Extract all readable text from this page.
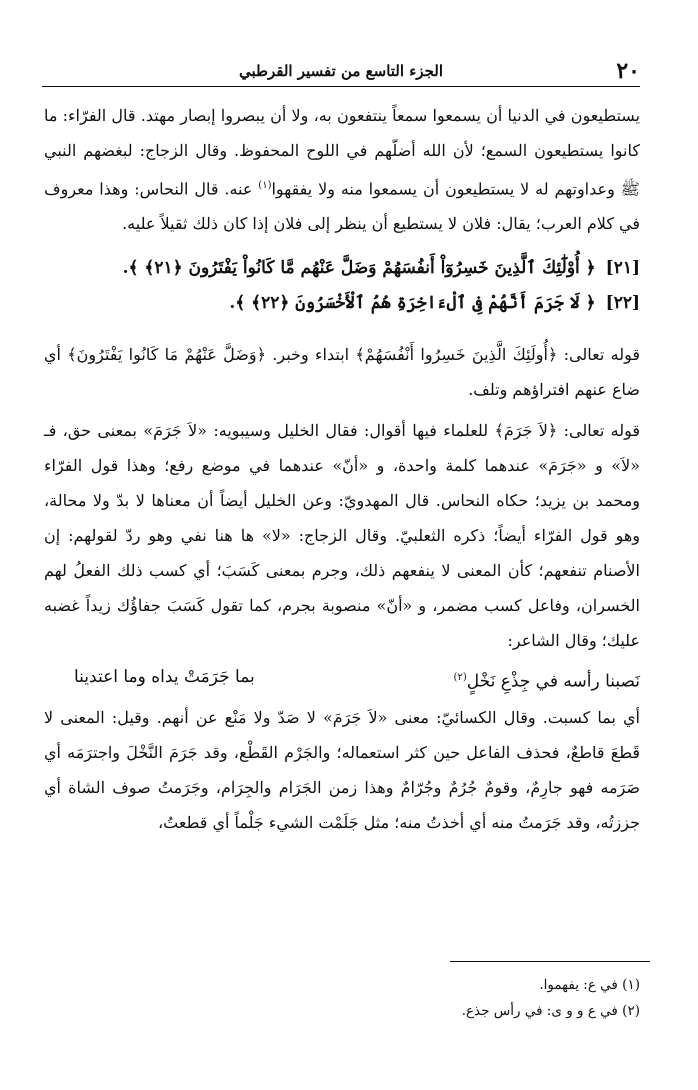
٢٠
الجزء التاسع من تفسير القرطبي

يستطيعون في الدنيا أن يسمعوا سمعاً ينتفعون به، ولا أن يبصروا إبصار مهتد. قال الفرّاء: ما كانوا يستطيعون السمع؛ لأن الله أضلّهم في اللوح المحفوظ. وقال الزجاج: لبغضهم النبي ﷺ وعداوتهم له لا يستطيعون أن يسمعوا منه ولا يفقهوا$^{(١)}$ عنه. قال النحاس: وهذا معروف في كلام العرب؛ يقال: فلان لا يستطيع أن ينظر إلى فلان إذا كان ذلك ثقيلاً عليه.

[٢١]﴿ أُوْلَٰٓئِكَ ٱلَّذِينَ خَسِرُوٓاْ أَنفُسَهُمْ وَضَلَّ عَنْهُم مَّا كَانُواْ يَفْتَرُونَ ﴿٢١﴾ ﴾.

[٢٢]﴿ لَا جَرَمَ أَنَّهُمْ فِى ٱلْءَاخِرَةِ هُمُ ٱلْأَخْسَرُونَ ﴿٢٢﴾ ﴾.

قوله تعالى: ﴿أُولَئِكَ الَّذِينَ خَسِرُوا أَنْفُسَهُمْ﴾ ابتداء وخبر. ﴿وَضَلَّ عَنْهُمْ مَا كَانُوا يَفْتَرُونَ﴾ أي ضاع عنهم افتراؤهم وتلف.

قوله تعالى: ﴿لاَ جَرَمَ﴾ للعلماء فيها أقوال: فقال الخليل وسيبويه: «لاَ جَرَمَ» بمعنى حق، فـ «لاَ» و «جَرَمَ» عندهما كلمة واحدة، و «أنّ» عندهما في موضع رفع؛ وهذا قول الفرّاء ومحمد بن يزيد؛ حكاه النحاس. قال المهدويّ: وعن الخليل أيضاً أن معناها لا بدّ ولا محالة، وهو قول الفرّاء أيضاً؛ ذكره الثعلبيّ. وقال الزجاج: «لا» ها هنا نفي وهو ردّ لقولهم: إن الأصنام تنفعهم؛ كأن المعنى لا ينفعهم ذلك، وجرم بمعنى كَسَبَ؛ أي كسب ذلك الفعلُ لهم الخسران، وفاعل كسب مضمر، و «أنّ» منصوبة بجرم، كما تقول كَسَبَ جفاؤُك زيداً غضبه عليك؛ وقال الشاعر:

نَصبنا رأسه في جِذْعِ نَخْلٍ$^{(٢)}$
بما جَرَمَتْ يداه وما اعتدينا

أي بما كسبت. وقال الكسائيّ: معنى «لاَ جَرَمَ» لا صَدّ ولا مَنْع عن أنهم. وقيل: المعنى لا قَطعَ قاطعٌ، فحذف الفاعل حين كثر استعماله؛ والجَرْم القَطْع، وقد جَرَمَ النَّخْلَ واجترَمَه أي صَرَمه فهو جارِمٌ، وقومٌ جُرُمٌ وجُرّامٌ وهذا زمن الجَرَام والجِرَام، وجَرَمتُ صوف الشاة أي جززتُه، وقد جَرَمتُ منه أي أخذتُ منه؛ مثل جَلَمْت الشيء جَلْماً أي قطعتُ،

(١) في ع: يفهموا.

(٢) في ع و و ى: في رأس جذع.
